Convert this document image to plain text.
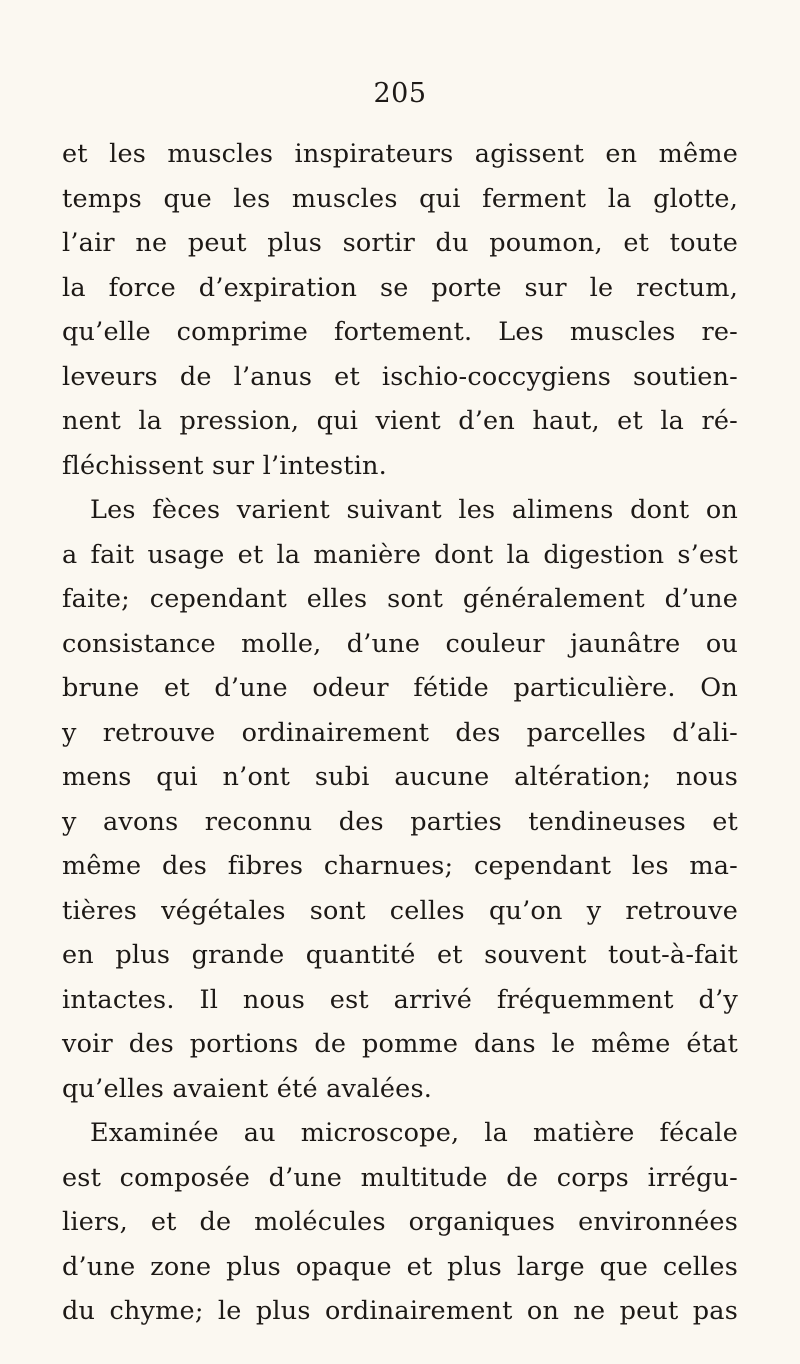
205
et les muscles inspirateurs agissent en même
temps que les muscles qui ferment la glotte,
l’air ne peut plus sortir du poumon, et toute
la force d’expiration se porte sur le rectum,
qu’elle comprime fortement. Les muscles re-
leveurs de l’anus et ischio-coccygiens soutien-
nent la pression, qui vient d’en haut, et la ré-
fléchissent sur l’intestin.
Les fèces varient suivant les alimens dont on
a fait usage et la manière dont la digestion s’est
faite; cependant elles sont généralement d’une
consistance molle, d’une couleur jaunâtre ou
brune et d’une odeur fétide particulière. On
y retrouve ordinairement des parcelles d’ali-
mens qui n’ont subi aucune altération; nous
y avons reconnu des parties tendineuses et
même des fibres charnues; cependant les ma-
tières végétales sont celles qu’on y retrouve
en plus grande quantité et souvent tout-à-fait
intactes. Il nous est arrivé fréquemment d’y
voir des portions de pomme dans le même état
qu’elles avaient été avalées.
Examinée au microscope, la matière fécale
est composée d’une multitude de corps irrégu-
liers, et de molécules organiques environnées
d’une zone plus opaque et plus large que celles
du chyme; le plus ordinairement on ne peut pas
